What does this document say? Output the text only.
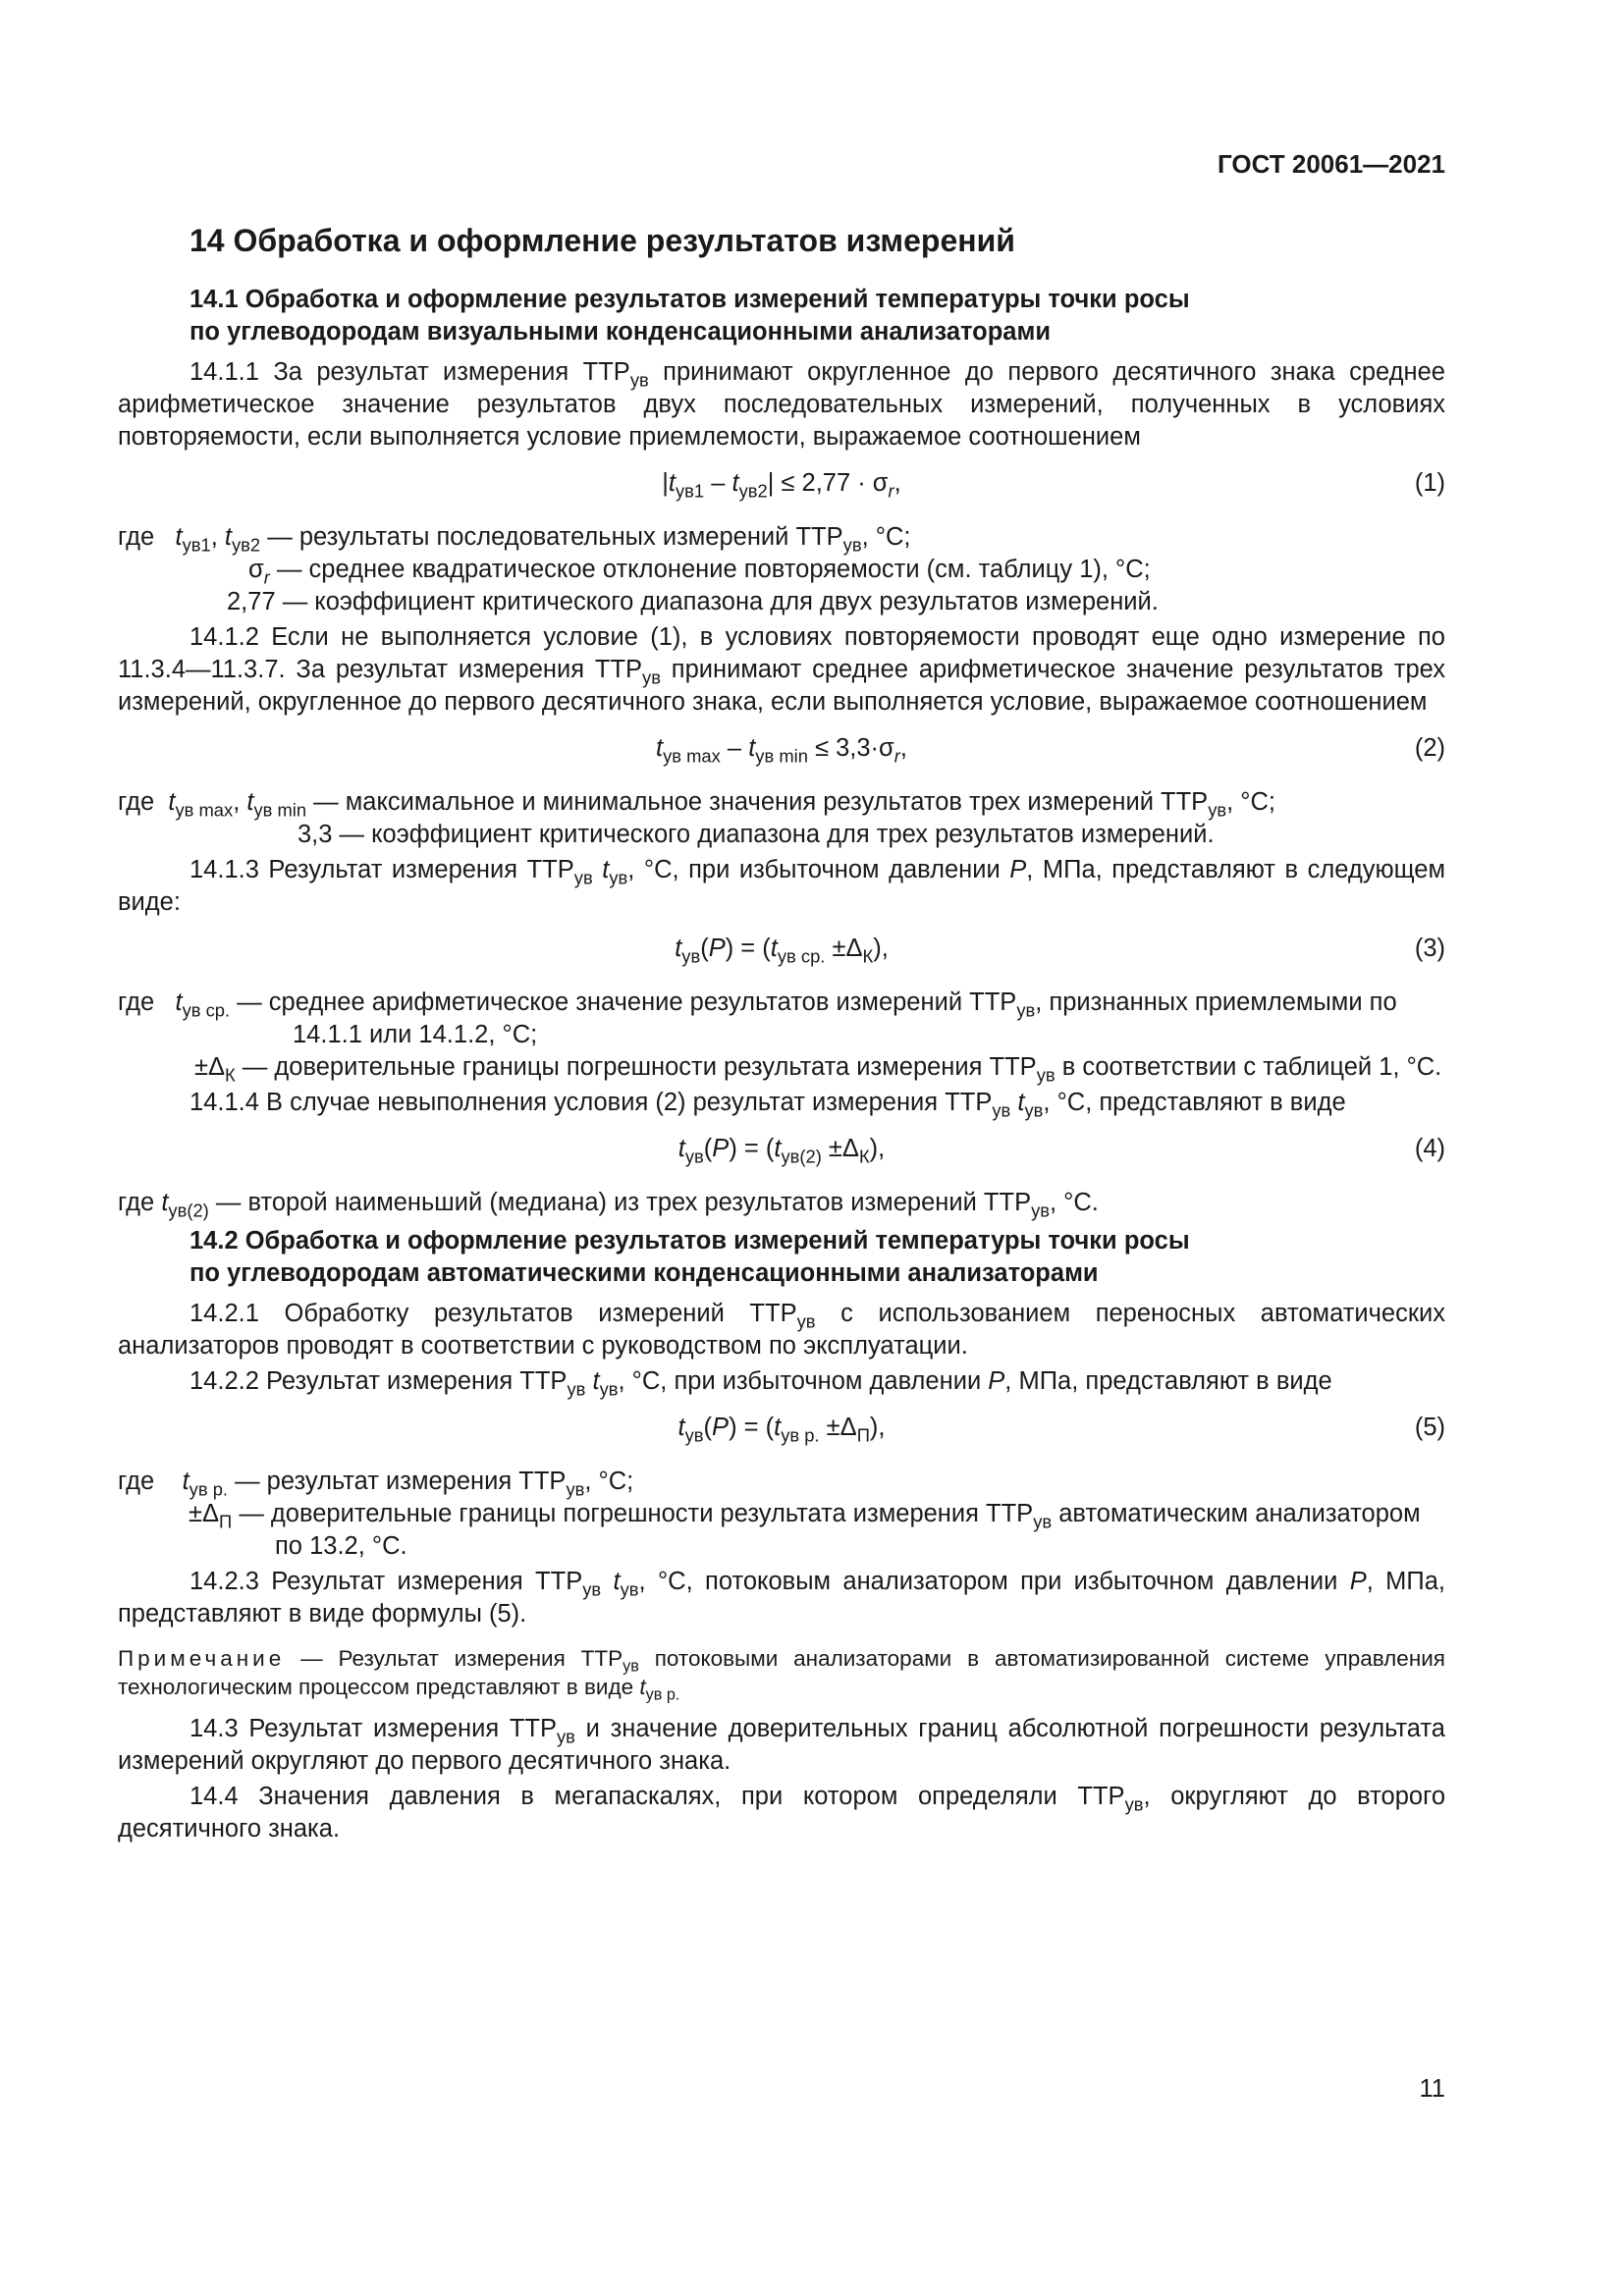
ГОСТ 20061—2021
14 Обработка и оформление результатов измерений
14.1 Обработка и оформление результатов измерений температуры точки росы
по углеводородам визуальными конденсационными анализаторами

14.1.1 За результат измерения $ТТР_{ув}$ принимают округленное до первого десятичного знака среднее арифметическое значение результатов двух последовательных измерений, полученных в условиях повторяемости, если выполняется условие приемлемости, выражаемое соотношением

$|t_{ув1} - t_{ув2}| \le 2,77 \cdot \sigma_r$,	(1)
где   $t_{ув1}$, $t_{ув2}$ — результаты последовательных измерений $ТТР_{ув}$, °С;
$\sigma_r$ — среднее квадратическое отклонение повторяемости (см. таблицу 1), °С;
2,77 — коэффициент критического диапазона для двух результатов измерений.

14.1.2 Если не выполняется условие (1), в условиях повторяемости проводят еще одно измерение по 11.3.4—11.3.7. За результат измерения $ТТР_{ув}$ принимают среднее арифметическое значение результатов трех измерений, округленное до первого десятичного знака, если выполняется условие, выражаемое соотношением

$t_{ув max} - t_{ув min} \le 3,3\cdot\sigma_r$,	(2)
где  $t_{ув max}$, $t_{ув min}$ — максимальное и минимальное значения результатов трех измерений $ТТР_{ув}$, °С;
3,3 — коэффициент критического диапазона для трех результатов измерений.

14.1.3 Результат измерения $ТТР_{ув}$ $t_{ув}$, °С, при избыточном давлении Р, МПа, представляют в следующем виде:

$t_{ув}(P) = (t_{ув ср.} \pm\Delta_К)$,	(3)
где   $t_{ув ср.}$ — среднее арифметическое значение результатов измерений $ТТР_{ув}$, признанных приемлемыми по 14.1.1 или 14.1.2, °С;
$\pm\Delta_К$ — доверительные границы погрешности результата измерения $ТТР_{ув}$ в соответствии с таблицей 1, °С.

14.1.4 В случае невыполнения условия (2) результат измерения $ТТР_{ув}$ $t_{ув}$, °С, представляют в виде

$t_{ув}(P) = (t_{ув(2)} \pm\Delta_К)$,	(4)
где $t_{ув(2)}$ — второй наименьший (медиана) из трех результатов измерений $ТТР_{ув}$, °С.
14.2 Обработка и оформление результатов измерений температуры точки росы
по углеводородам автоматическими конденсационными анализаторами

14.2.1 Обработку результатов измерений $ТТР_{ув}$ с использованием переносных автоматических анализаторов проводят в соответствии с руководством по эксплуатации.

14.2.2 Результат измерения $ТТР_{ув}$ $t_{ув}$, °С, при избыточном давлении Р, МПа, представляют в виде

$t_{ув}(P) = (t_{ув р.} \pm\Delta_П)$,	(5)
где    $t_{ув р.}$ — результат измерения $ТТР_{ув}$, °С;
$\pm\Delta_П$ — доверительные границы погрешности результата измерения $ТТР_{ув}$ автоматическим анализатором по 13.2, °С.

14.2.3 Результат измерения $ТТР_{ув}$ $t_{ув}$, °С, потоковым анализатором при избыточном давлении Р, МПа, представляют в виде формулы (5).

Примечание — Результат измерения $ТТР_{ув}$ потоковыми анализаторами в автоматизированной системе управления технологическим процессом представляют в виде $t_{ув р.}$

14.3 Результат измерения $ТТР_{ув}$ и значение доверительных границ абсолютной погрешности результата измерений округляют до первого десятичного знака.

14.4 Значения давления в мегапаскалях, при котором определяли $ТТР_{ув}$, округляют до второго десятичного знака.

11
